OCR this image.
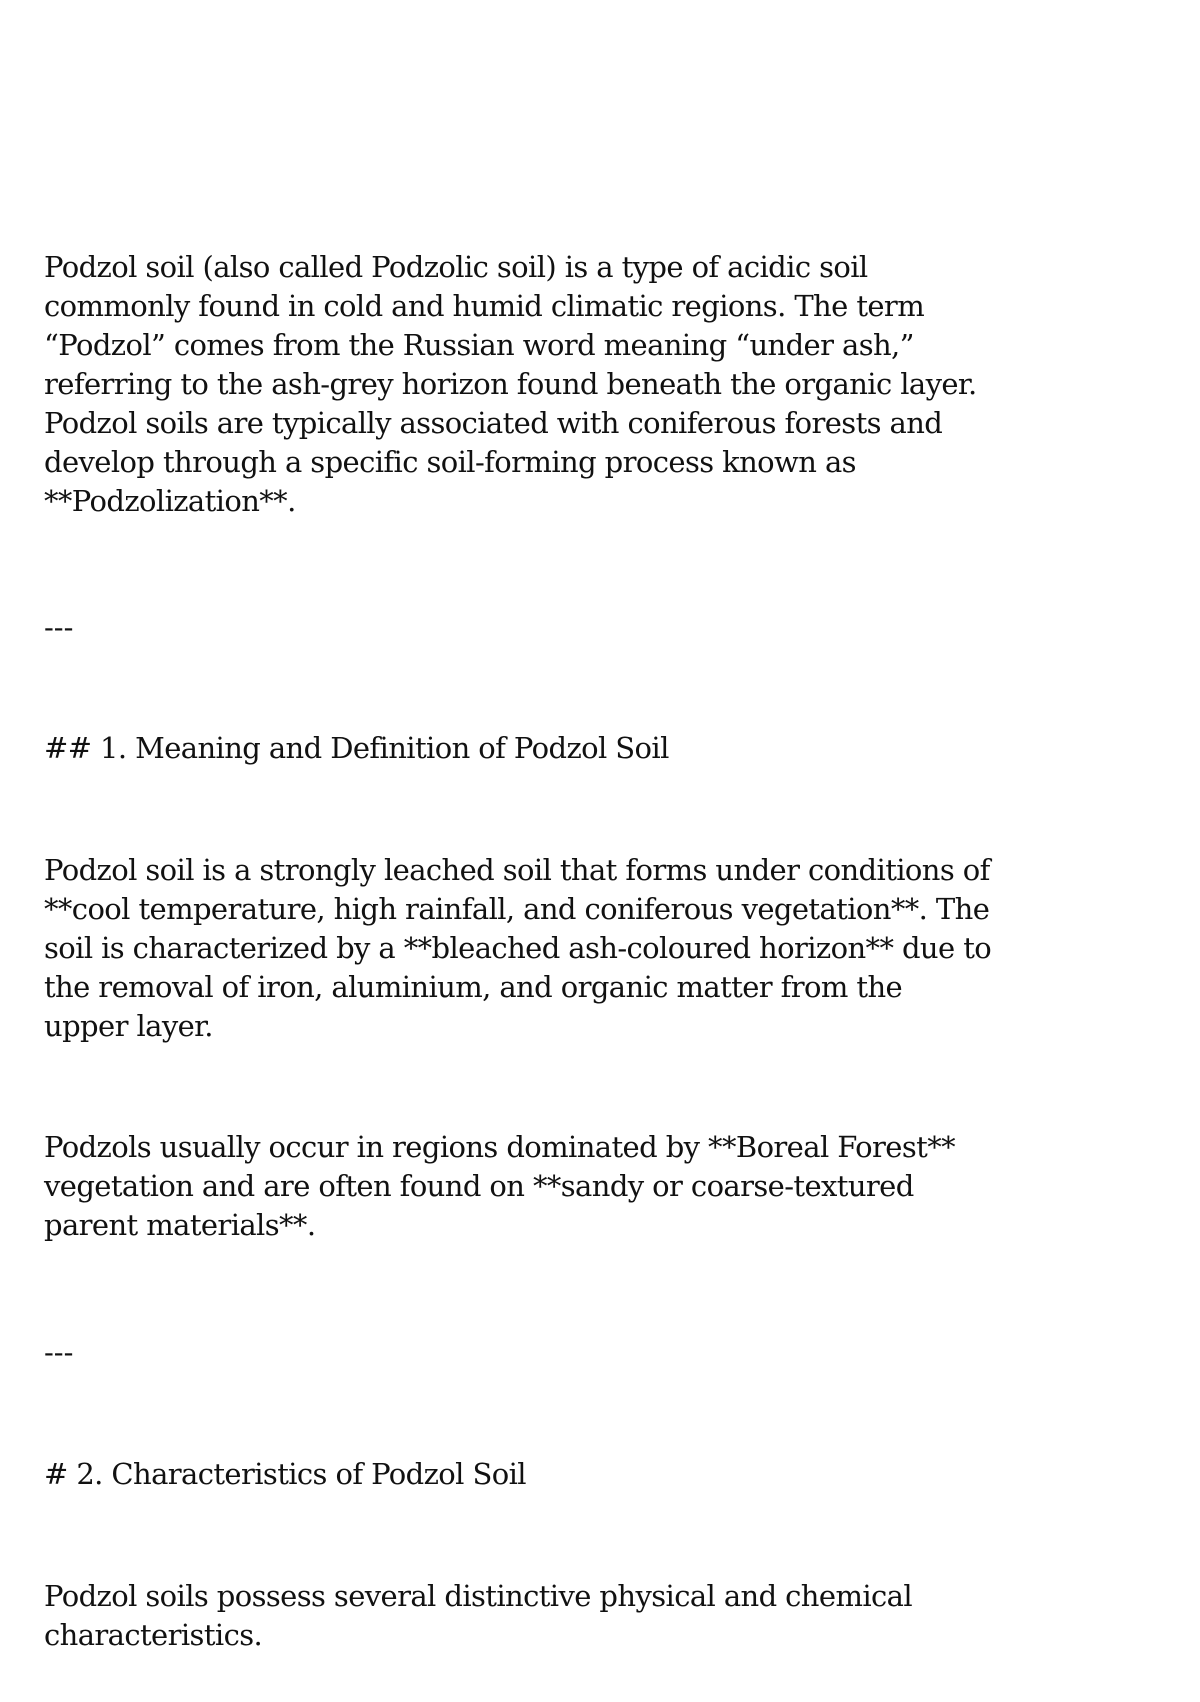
Podzol soil (also called Podzolic soil) is a type of acidic soil
commonly found in cold and humid climatic regions. The term
“Podzol” comes from the Russian word meaning “under ash,”
referring to the ash-grey horizon found beneath the organic layer.
Podzol soils are typically associated with coniferous forests and
develop through a specific soil-forming process known as
**Podzolization**.

---

## 1. Meaning and Definition of Podzol Soil

Podzol soil is a strongly leached soil that forms under conditions of
**cool temperature, high rainfall, and coniferous vegetation**. The
soil is characterized by a **bleached ash-coloured horizon** due to
the removal of iron, aluminium, and organic matter from the
upper layer.

Podzols usually occur in regions dominated by **Boreal Forest**
vegetation and are often found on **sandy or coarse-textured
parent materials**.

---

# 2. Characteristics of Podzol Soil

Podzol soils possess several distinctive physical and chemical
characteristics.
